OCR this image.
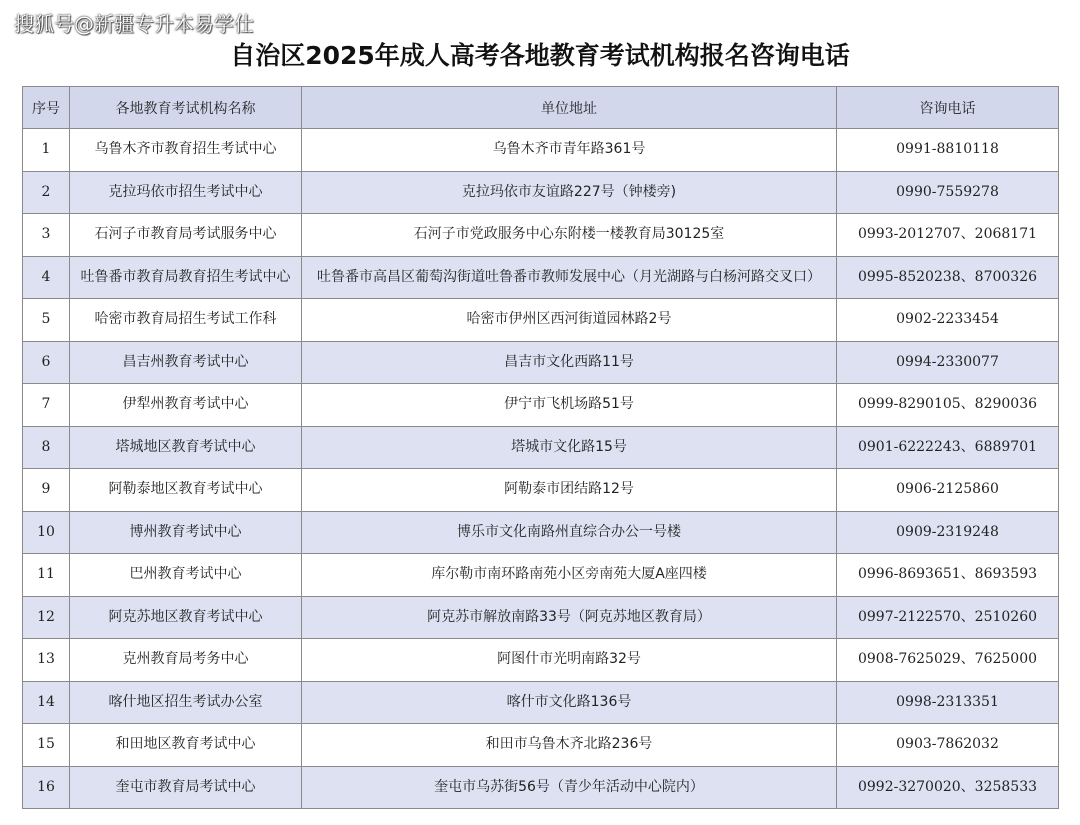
搜狐号@新疆专升本易学仕
自治区2025年成人高考各地教育考试机构报名咨询电话
序号	各地教育考试机构名称	单位地址	咨询电话
1	乌鲁木齐市教育招生考试中心	乌鲁木齐市青年路361号	0991-8810118
2	克拉玛依市招生考试中心	克拉玛依市友谊路227号（钟楼旁)	0990-7559278
3	石河子市教育局考试服务中心	石河子市党政服务中心东附楼一楼教育局30125室	0993-2012707、2068171
4	吐鲁番市教育局教育招生考试中心	吐鲁番市高昌区葡萄沟街道吐鲁番市教师发展中心（月光湖路与白杨河路交叉口）	0995-8520238、8700326
5	哈密市教育局招生考试工作科	哈密市伊州区西河街道园林路2号	0902-2233454
6	昌吉州教育考试中心	昌吉市文化西路11号	0994-2330077
7	伊犁州教育考试中心	伊宁市飞机场路51号	0999-8290105、8290036
8	塔城地区教育考试中心	塔城市文化路15号	0901-6222243、6889701
9	阿勒泰地区教育考试中心	阿勒泰市团结路12号	0906-2125860
10	博州教育考试中心	博乐市文化南路州直综合办公一号楼	0909-2319248
11	巴州教育考试中心	库尔勒市南环路南苑小区旁南苑大厦A座四楼	0996-8693651、8693593
12	阿克苏地区教育考试中心	阿克苏市解放南路33号（阿克苏地区教育局）	0997-2122570、2510260
13	克州教育局考务中心	阿图什市光明南路32号	0908-7625029、7625000
14	喀什地区招生考试办公室	喀什市文化路136号	0998-2313351
15	和田地区教育考试中心	和田市乌鲁木齐北路236号	0903-7862032
16	奎屯市教育局考试中心	奎屯市乌苏街56号（青少年活动中心院内）	0992-3270020、3258533
